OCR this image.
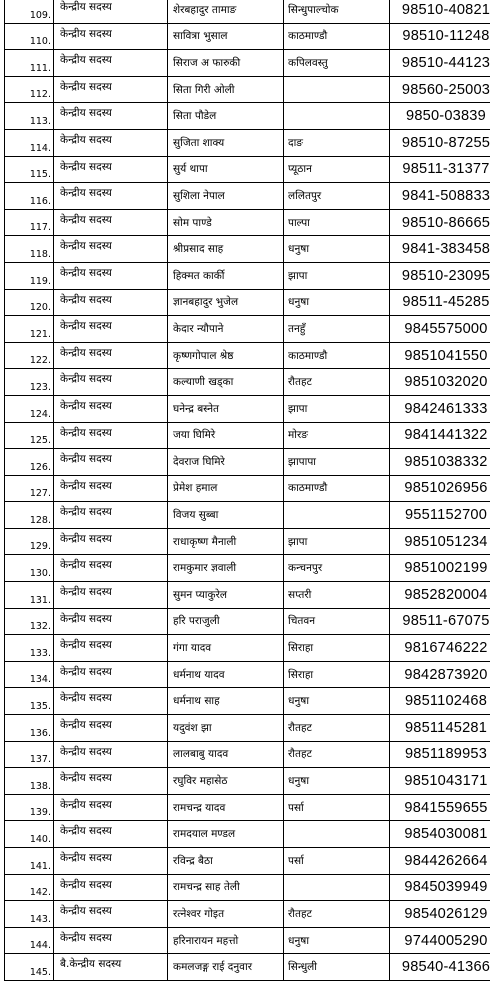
109.	केन्द्रीय सदस्य	शेरबहादुर तामाङ	सिन्धुपाल्चोक	98510-40821
110.	केन्द्रीय सदस्य	सावित्रा भुसाल	काठमाण्डौ	98510-11248
111.	केन्द्रीय सदस्य	सिराज अ फारुकी	कपिलवस्तु	98510-44123
112.	केन्द्रीय सदस्य	सिता गिरी ओली		98560-25003
113.	केन्द्रीय सदस्य	सिता पौडेल		9850-03839
114.	केन्द्रीय सदस्य	सुजिता शाक्य	दाङ	98510-87255
115.	केन्द्रीय सदस्य	सुर्य थापा	प्यूठान	98511-31377
116.	केन्द्रीय सदस्य	सुशिला नेपाल	ललितपुर	9841-508833
117.	केन्द्रीय सदस्य	सोम पाण्डे	पाल्पा	98510-86665
118.	केन्द्रीय सदस्य	श्रीप्रसाद साह	धनुषा	9841-383458
119.	केन्द्रीय सदस्य	हिक्मत कार्की	झापा	98510-23095
120.	केन्द्रीय सदस्य	ज्ञानबहादुर भुजेल	धनुषा	98511-45285
121.	केन्द्रीय सदस्य	केदार न्यौपाने	तनहुँ	9845575000
122.	केन्द्रीय सदस्य	कृष्णगोपाल श्रेष्ठ	काठमाण्डौ	9851041550
123.	केन्द्रीय सदस्य	कल्याणी खड्का	रौतहट	9851032020
124.	केन्द्रीय सदस्य	घनेन्द्र बस्नेत	झापा	9842461333
125.	केन्द्रीय सदस्य	जया घिमिरे	मोरङ	9841441322
126.	केन्द्रीय सदस्य	देवराज घिमिरे	झापापा	9851038332
127.	केन्द्रीय सदस्य	प्रेमेश हमाल	काठमाण्डौ	9851026956
128.	केन्द्रीय सदस्य	विजय सुब्बा		9551152700
129.	केन्द्रीय सदस्य	राधाकृष्ण मैनाली	झापा	9851051234
130.	केन्द्रीय सदस्य	रामकुमार ज्ञवाली	कन्चनपुर	9851002199
131.	केन्द्रीय सदस्य	सुमन प्याकुरेल	सप्तरी	9852820004
132.	केन्द्रीय सदस्य	हरि पराजुली	चितवन	98511-67075
133.	केन्द्रीय सदस्य	गंगा यादव	सिराहा	9816746222
134.	केन्द्रीय सदस्य	धर्मनाथ यादव	सिराहा	9842873920
135.	केन्द्रीय सदस्य	धर्मनाथ साह	धनुषा	9851102468
136.	केन्द्रीय सदस्य	यदुवंश झा	रौतहट	9851145281
137.	केन्द्रीय सदस्य	लालबाबु यादव	रौतहट	9851189953
138.	केन्द्रीय सदस्य	रघुविर महासेठ	धनुषा	9851043171
139.	केन्द्रीय सदस्य	रामचन्द्र यादव	पर्सा	9841559655
140.	केन्द्रीय सदस्य	रामदयाल मण्डल		9854030081
141.	केन्द्रीय सदस्य	रविन्द्र बैठा	पर्सा	9844262664
142.	केन्द्रीय सदस्य	रामचन्द्र साह तेली		9845039949
143.	केन्द्रीय सदस्य	रत्नेश्वर गोइत	रौतहट	9854026129
144.	केन्द्रीय सदस्य	हरिनारायन महत्तो	धनुषा	9744005290
145.	बै.केन्द्रीय सदस्य	कमलजङ्ग राई दनुवार	सिन्धुली	98540-41366
